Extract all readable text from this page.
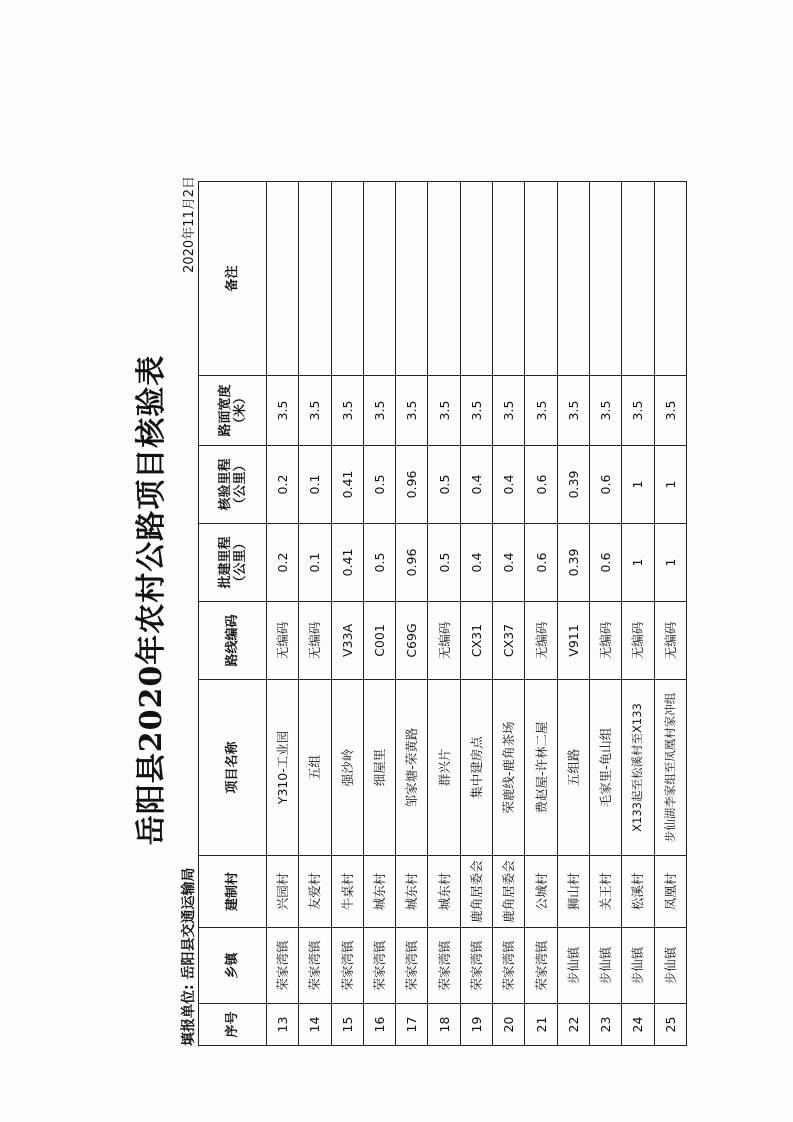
岳阳县2020年农村公路项目核验表
填报单位: 岳阳县交通运输局
2020年11月2日
序号	乡镇	建制村	项目名称	路线编码	批建里程（公里）	核验里程（公里）	路面宽度（米）	备注
13	荣家湾镇	兴园村	Y310-工业园	无编码	0.2	0.2	3.5	
14	荣家湾镇	友爱村	五组	无编码	0.1	0.1	3.5	
15	荣家湾镇	牛桌村	强沙岭	V33A	0.41	0.41	3.5	
16	荣家湾镇	城东村	细屋里	C001	0.5	0.5	3.5	
17	荣家湾镇	城东村	邹家塘-荣黄路	C69G	0.96	0.96	3.5	
18	荣家湾镇	城东村	群兴片	无编码	0.5	0.5	3.5	
19	荣家湾镇	鹿角居委会	集中建房点	CX31	0.4	0.4	3.5	
20	荣家湾镇	鹿角居委会	荣鹿线-鹿角茶场	CX37	0.4	0.4	3.5	
21	荣家湾镇	公城村	费赵屋-许林二屋	无编码	0.6	0.6	3.5	
22	步仙镇	狮山村	五组路	V911	0.39	0.39	3.5	
23	步仙镇	关王村	毛家里-龟山组	无编码	0.6	0.6	3.5	
24	步仙镇	松溪村	X133起至松溪村至X133	无编码	1	1	3.5	
25	步仙镇	凤凰村	步仙湖李家组至凤凰村家冲组	无编码	1	1	3.5	
